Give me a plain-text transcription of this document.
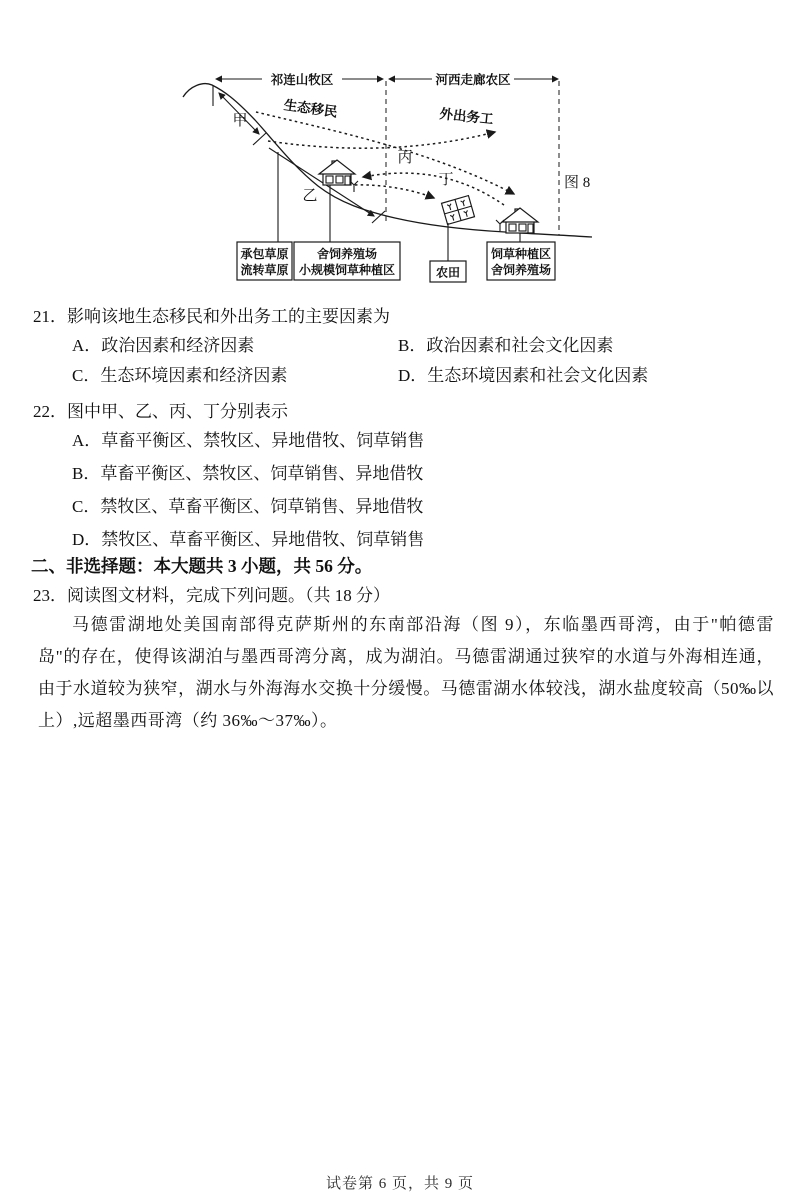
祁连山牧区	河西走廊农区
生态移民	外出务工
甲
乙
丙
丁
承包草原
流转草原
舍饲养殖场
小规模饲草种植区	农田
饲草种植区
舍饲养殖场
图 8
21．影响该地生态移民和外出务工的主要因素为
A．政治因素和经济因素	B．政治因素和社会文化因素
C．生态环境因素和经济因素	D．生态环境因素和社会文化因素
22．图中甲、乙、丙、丁分别表示
A．草畜平衡区、禁牧区、异地借牧、饲草销售
B．草畜平衡区、禁牧区、饲草销售、异地借牧
C．禁牧区、草畜平衡区、饲草销售、异地借牧
D．禁牧区、草畜平衡区、异地借牧、饲草销售
二、非选择题：本大题共 3 小题，共 56 分。
23．阅读图文材料，完成下列问题。（共 18 分）
马德雷湖地处美国南部得克萨斯州的东南部沿海（图 9），东临墨西哥湾，由于"帕德雷岛"的存在，使得该湖泊与墨西哥湾分离，成为湖泊。马德雷湖通过狭窄的水道与外海相连通，由于水道较为狭窄，湖水与外海海水交换十分缓慢。马德雷湖水体较浅，湖水盐度较高（50‰以上）,远超墨西哥湾（约 36‰～37‰）。
试卷第 6 页，共 9 页
